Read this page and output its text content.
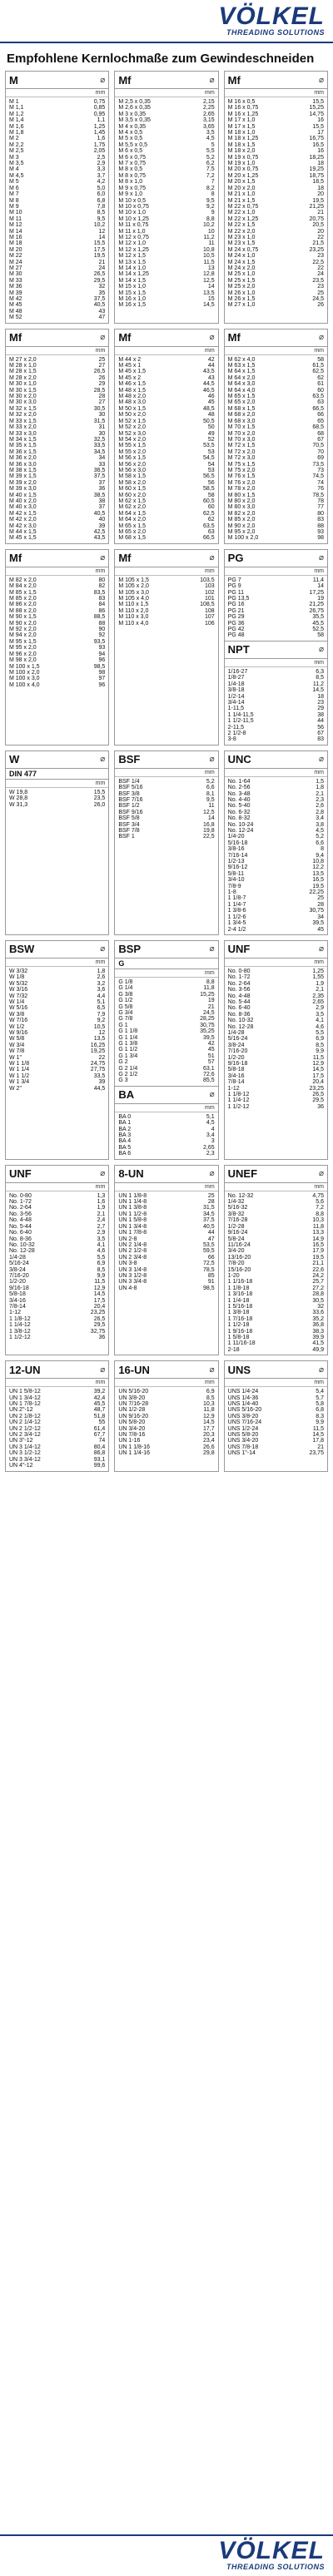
VÖLKEL
THREADING SOLUTIONS
Empfohlene Kernlochmaße zum Gewindeschneiden
M	⌀
mm
M 1	0,75
M 1,1	0,85
M 1,2	0,95
M 1,4	1,1
M 1,6	1,25
M 1,8	1,45
M 2	1,6
M 2,2	1,75
M 2,5	2,05
M 3	2,5
M 3,5	2,9
M 4	3,3
M 4,5	3,7
M 5	4,2
M 6	5,0
M 7	6,0
M 8	6,8
M 9	7,8
M 10	8,5
M 11	9,5
M 12	10,2
M 14	12
M 16	14
M 18	15,5
M 20	17,5
M 22	19,5
M 24	21
M 27	24
M 30	26,5
M 33	29,5
M 36	32
M 39	35
M 42	37,5
M 45	40,5
M 48	43
M 52	47
Mf	⌀
mm
M 2,5 x 0,35	2,15
M 2,6 x 0,35	2,25
M 3 x 0,35	2,65
M 3,5 x 0,35	3,15
M 4 x 0,35	3,65
M 4 x 0,5	3,5
M 5 x 0,5	4,5
M 5,5 x 0,5	5
M 6 x 0,5	5,5
M 6 x 0,75	5,2
M 7 x 0,75	6,2
M 8 x 0,5	7,5
M 8 x 0,75	7,2
M 8 x 1,0	7
M 9 x 0,75	8,2
M 9 x 1,0	8
M 10 x 0,5	9,5
M 10 x 0,75	9,2
M 10 x 1,0	9
M 10 x 1,25	8,8
M 11 x 0,75	10,2
M 11 x 1,0	10
M 12 x 0,75	11,2
M 12 x 1,0	11
M 12 x 1,25	10,8
M 12 x 1,5	10,5
M 13 x 1,5	11,5
M 14 x 1,0	13
M 14 x 1,25	12,8
M 14 x 1,5	12,5
M 15 x 1,0	14
M 15 x 1,5	13,5
M 16 x 1,0	15
M 16 x 1,5	14,5
Mf	⌀
mm
M 16 x 0,5	15,5
M 16 x 0,75	15,25
M 16 x 1,25	14,75
M 17 x 1,0	16
M 17 x 1,5	15,5
M 18 x 1,0	17
M 18 x 1,25	16,75
M 18 x 1,5	16,5
M 18 x 2,0	16
M 19 x 0,75	18,25
M 19 x 1,0	18
M 20 x 0,75	19,25
M 20 x 1,25	18,75
M 20 x 1,5	18,5
M 20 x 2,0	18
M 21 x 1,0	20
M 21 x 1,5	19,5
M 22 x 0,75	21,25
M 22 x 1,0	21
M 22 x 1,25	20,75
M 22 x 1,5	20,5
M 22 x 2,0	20
M 23 x 1,0	22
M 23 x 1,5	21,5
M 24 x 0,75	23,25
M 24 x 1,0	23
M 24 x 1,5	22,5
M 24 x 2,0	22
M 25 x 1,0	24
M 25 x 1,5	23,5
M 25 x 2,0	23
M 26 x 1,0	25
M 26 x 1,5	24,5
M 27 x 1,0	26
Mf	⌀
mm
M 27 x 2,0	25
M 28 x 1,0	27
M 28 x 1,5	26,5
M 28 x 2,0	26
M 30 x 1,0	29
M 30 x 1,5	28,5
M 30 x 2,0	28
M 30 x 3,0	27
M 32 x 1,5	30,5
M 32 x 2,0	30
M 33 x 1,5	31,5
M 33 x 2,0	31
M 33 x 3,0	30
M 34 x 1,5	32,5
M 35 x 1,5	33,5
M 36 x 1,5	34,5
M 36 x 2,0	34
M 36 x 3,0	33
M 38 x 1,5	36,5
M 39 x 1,5	37,5
M 39 x 2,0	37
M 39 x 3,0	36
M 40 x 1,5	38,5
M 40 x 2,0	38
M 40 x 3,0	37
M 42 x 1,5	40,5
M 42 x 2,0	40
M 42 x 3,0	39
M 44 x 1,5	42,5
M 45 x 1,5	43,5
Mf	⌀
mm
M 44 x 2	42
M 45 x 1	44
M 45 x 1,5	43,5
M 45 x 2	43
M 46 x 1,5	44,5
M 48 x 1,5	46,5
M 48 x 2,0	46
M 48 x 3,0	45
M 50 x 1,5	48,5
M 50 x 2,0	48
M 52 x 1,5	50,5
M 52 x 2,0	50
M 52 x 3,0	49
M 54 x 2,0	52
M 55 x 1,5	53,5
M 55 x 2,0	53
M 56 x 1,5	54,5
M 56 x 2,0	54
M 56 x 3,0	53
M 58 x 1,5	56,5
M 58 x 2,0	56
M 60 x 1,5	58,5
M 60 x 2,0	58
M 62 x 1,5	60,5
M 62 x 2,0	60
M 64 x 1,5	62,5
M 64 x 2,0	62
M 65 x 1,5	63,5
M 65 x 2,0	63
M 68 x 1,5	66,5
Mf	⌀
mm
M 62 x 4,0	58
M 63 x 1,5	61,5
M 64 x 1,5	62,5
M 64 x 2,0	62
M 64 x 3,0	61
M 64 x 4,0	60
M 65 x 1,5	63,5
M 65 x 2,0	63
M 68 x 1,5	66,5
M 68 x 2,0	66
M 68 x 3,0	65
M 70 x 1,5	68,5
M 70 x 2,0	68
M 70 x 3,0	67
M 72 x 1,5	70,5
M 72 x 2,0	70
M 72 x 3,0	69
M 75 x 1,5	73,5
M 75 x 2,0	73
M 76 x 1,5	74,5
M 76 x 2,0	74
M 78 x 2,0	76
M 80 x 1,5	78,5
M 80 x 2,0	78
M 80 x 3,0	77
M 82 x 2,0	80
M 85 x 2,0	83
M 90 x 2,0	88
M 95 x 2,0	93
M 100 x 2,0	98
Mf	⌀
mm
M 82 x 2,0	80
M 84 x 2,0	82
M 85 x 1,5	83,5
M 85 x 2,0	83
M 86 x 2,0	84
M 88 x 2,0	86
M 90 x 1,5	88,5
M 90 x 2,0	88
M 92 x 2,0	90
M 94 x 2,0	92
M 95 x 1,5	93,5
M 95 x 2,0	93
M 96 x 2,0	94
M 98 x 2,0	96
M 100 x 1,5	98,5
M 100 x 2,0	98
M 100 x 3,0	97
M 100 x 4,0	96
Mf	⌀
mm
M 105 x 1,5	103,5
M 105 x 2,0	103
M 105 x 3,0	102
M 105 x 4,0	101
M 110 x 1,5	108,5
M 110 x 2,0	108
M 110 x 3,0	107
M 110 x 4,0	106
PG	⌀
mm
PG 7	11,4
PG 9	14
PG 11	17,25
PG 13,5	19
PG 16	21,25
PG 21	26,75
PG 29	35,5
PG 36	45,5
PG 42	52,5
PG 48	58
NPT	⌀
mm
1/16-27	6,3
1/8-27	8,5
1/4-18	11,2
3/8-18	14,5
1/2-14	18
3/4-14	23
1-11,5	29
1 1/4-11,5	38
1 1/2-11,5	44
2-11,5	56
2 1/2-8	67
3-8	83
W	⌀
DIN 477
mm
W 19,8	15,5
W 28,8	23,5
W 31,3	26,0
BSF	⌀
mm
BSF 1/4	5,2
BSF 5/16	6,6
BSF 3/8	8,1
BSF 7/16	9,5
BSF 1/2	11
BSF 9/16	12,5
BSF 5/8	14
BSF 3/4	16,8
BSF 7/8	19,8
BSF 1	22,5
UNC	⌀
mm
No. 1-64	1,5
No. 2-56	1,8
No. 3-48	2,1
No. 4-40	2,3
No. 5-40	2,6
No. 6-32	2,8
No. 8-32	3,4
No. 10-24	3,8
No. 12-24	4,5
1/4-20	5,2
5/16-18	6,6
3/8-16	8
7/16-14	9,4
1/2-13	10,8
9/16-12	12,2
5/8-11	13,5
3/4-10	16,5
7/8-9	19,5
1-8	22,25
1 1/8-7	25
1 1/4-7	28
1 3/8-6	30,75
1 1/2-6	34
1 3/4-5	39,5
2-4 1/2	45
BSW	⌀
mm
W 3/32	1,8
W 1/8	2,6
W 5/32	3,2
W 3/16	3,6
W 7/32	4,4
W 1/4	5,1
W 5/16	6,5
W 3/8	7,9
W 7/16	9,2
W 1/2	10,5
W 9/16	12
W 5/8	13,5
W 3/4	16,25
W 7/8	19,25
W 1"	22
W 1 1/8	24,75
W 1 1/4	27,75
W 1 1/2	33,5
W 1 3/4	39
W 2"	44,5
BSP	⌀
G
mm
G 1/8	8,8
G 1/4	11,8
G 3/8	15,25
G 1/2	19
G 5/8	21
G 3/4	24,5
G 7/8	28,25
G 1	30,75
G 1 1/8	35,25
G 1 1/4	39,5
G 1 3/8	42
G 1 1/2	45
G 1 3/4	51
G 2	57
G 2 1/4	63,1
G 2 1/2	72,6
G 3	85,5
BA	⌀
mm
BA 0	5,1
BA 1	4,5
BA 2	4
BA 3	3,4
BA 4	3
BA 5	2,65
BA 6	2,3
UNF	⌀
mm
No. 0-80	1,25
No. 1-72	1,55
No. 2-64	1,9
No. 3-56	2,1
No. 4-48	2,35
No. 5-44	2,65
No. 6-40	2,9
No. 8-36	3,5
No. 10-32	4,1
No. 12-28	4,6
1/4-28	5,5
5/16-24	6,9
3/8-24	8,5
7/16-20	9,9
1/2-20	11,5
9/16-18	12,9
5/8-18	14,5
3/4-16	17,5
7/8-14	20,4
1-12	23,25
1 1/8-12	26,5
1 1/4-12	29,5
1 1/2-12	36
UNF	⌀
mm
No. 0-80	1,3
No. 1-72	1,6
No. 2-64	1,9
No. 3-56	2,1
No. 4-48	2,4
No. 5-44	2,7
No. 6-40	2,9
No. 8-36	3,5
No. 10-32	4,1
No. 12-28	4,6
1/4-28	5,5
5/16-24	6,9
3/8-24	8,5
7/16-20	9,9
1/2-20	11,5
9/16-18	12,9
5/8-18	14,5
3/4-16	17,5
7/8-14	20,4
1-12	23,25
1 1/8-12	26,5
1 1/4-12	29,5
1 3/8-12	32,75
1 1/2-12	36
8-UN	⌀
mm
UN 1 1/8-8	25
UN 1 1/4-8	28
UN 1 3/8-8	31,5
UN 1 1/2-8	34,5
UN 1 5/8-8	37,5
UN 1 3/4-8	40,5
UN 1 7/8-8	44
UN 2-8	47
UN 2 1/4-8	53,5
UN 2 1/2-8	59,5
UN 2 3/4-8	66
UN 3-8	72,5
UN 3 1/4-8	78,5
UN 3 1/2-8	85
UN 3 3/4-8	91
UN 4-8	98,5
UNEF	⌀
mm
No. 12-32	4,75
1/4-32	5,6
5/16-32	7,2
3/8-32	8,8
7/16-28	10,3
1/2-28	11,8
9/16-24	13,3
5/8-24	14,9
11/16-24	16,5
3/4-20	17,9
13/16-20	19,5
7/8-20	21,1
15/16-20	22,6
1-20	24,2
1 1/16-18	25,7
1 1/8-18	27,2
1 3/16-18	28,8
1 1/4-18	30,5
1 5/16-18	32
1 3/8-18	33,6
1 7/16-18	35,2
1 1/2-18	36,8
1 9/16-18	38,3
1 5/8-18	39,9
1 11/16-18	41,5
2-18	49,9
12-UN	⌀
mm
UN 1 5/8-12	39,2
UN 1 3/4-12	42,4
UN 1 7/8-12	45,5
UN 2"-12	48,7
UN 2 1/8-12	51,8
UN 2 1/4-12	55
UN 2 1/2-12	61,4
UN 2 3/4-12	67,7
UN 3"-12	74
UN 3 1/4-12	80,4
UN 3 1/2-12	86,8
UN 3 3/4-12	93,1
UN 4"-12	99,6
16-UN	⌀
mm
UN 5/16-20	6,9
UN 3/8-20	8,5
UN 7/16-28	10,3
UN 1/2-28	11,8
UN 9/16-20	12,9
UN 5/8-20	14,5
UN 3/4-20	17,7
UN 7/8-16	20,3
UN 1-16	23,4
UN 1 1/8-16	26,6
UN 1 1/4-16	29,8
UNS	⌀
mm
UNS 1/4-24	5,4
UNS 1/4-36	5,7
UNS 1/4-40	5,8
UNS 5/16-20	6,8
UNS 3/8-20	8,3
UNS 7/16-24	9,9
UNS 1/2-24	11,5
UNS 5/8-20	14,5
UNS 3/4-20	17,8
UNS 7/8-18	21
UNS 1"-14	23,75
VÖLKEL
THREADING SOLUTIONS
